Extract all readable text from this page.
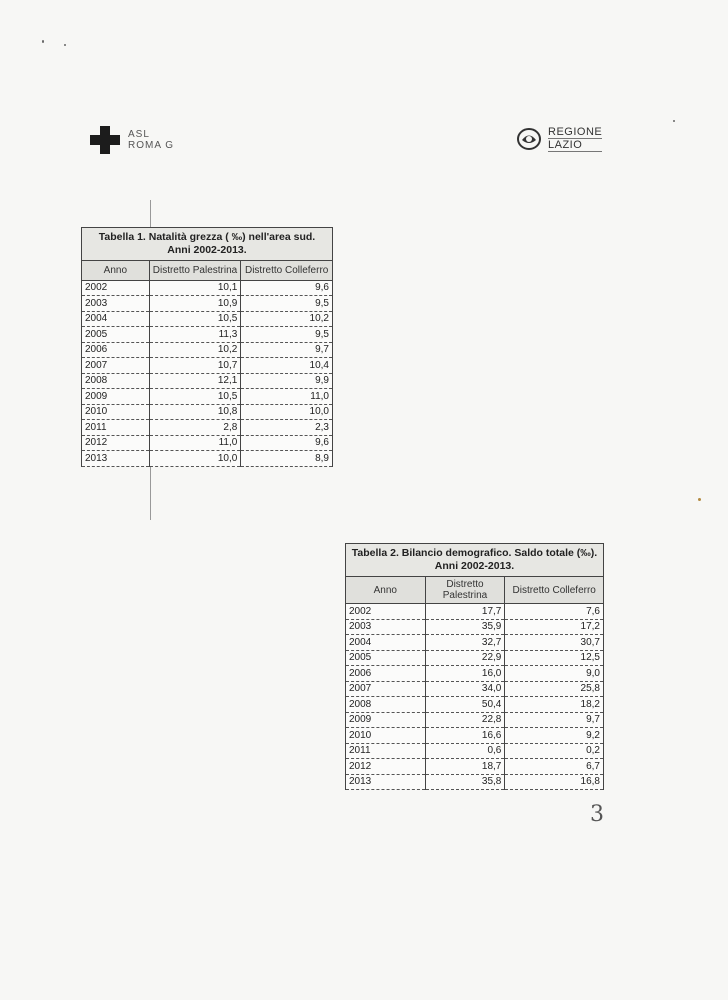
ASL
ROMA G
REGIONE
LAZIO
Tabella 1. Natalità grezza ( ‰) nell'area sud. Anni 2002-2013.		
Anno	Distretto Palestrina	Distretto Colleferro
2002	10,1	9,6
2003	10,9	9,5
2004	10,5	10,2
2005	11,3	9,5
2006	10,2	9,7
2007	10,7	10,4
2008	12,1	9,9
2009	10,5	11,0
2010	10,8	10,0
2011	2,8	2,3
2012	11,0	9,6
2013	10,0	8,9
Tabella 2. Bilancio demografico. Saldo totale (‰). Anni 2002-2013.		
Anno	Distretto Palestrina	Distretto Colleferro
2002	17,7	7,6
2003	35,9	17,2
2004	32,7	30,7
2005	22,9	12,5
2006	16,0	9,0
2007	34,0	25,8
2008	50,4	18,2
2009	22,8	9,7
2010	16,6	9,2
2011	0,6	0,2
2012	18,7	6,7
2013	35,8	16,8
3
